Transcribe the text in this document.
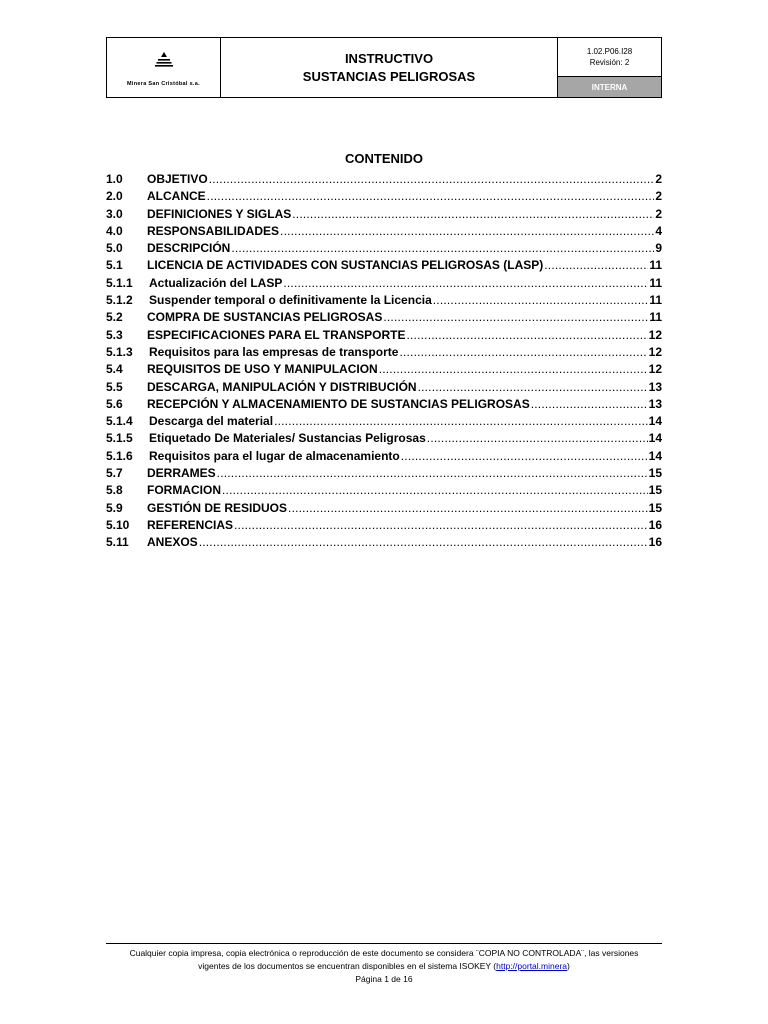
Minera San Cristóbal s.a.
INSTRUCTIVO
SUSTANCIAS PELIGROSAS
1.02.P06.I28
Revisión: 2
INTERNA
CONTENIDO
1.0	OBJETIVO .....	2
2.0	ALCANCE .....	2
3.0	DEFINICIONES Y SIGLAS .....	2
4.0	RESPONSABILIDADES .....	4
5.0	DESCRIPCIÓN .....	9
5.1	LICENCIA DE ACTIVIDADES CON SUSTANCIAS PELIGROSAS (LASP) .....	11
5.1.1	Actualización del LASP .....	11
5.1.2	Suspender temporal o definitivamente la Licencia .....	11
5.2	COMPRA DE SUSTANCIAS PELIGROSAS .....	11
5.3	ESPECIFICACIONES PARA EL TRANSPORTE .....	12
5.1.3	Requisitos para las empresas de transporte .....	12
5.4	REQUISITOS DE USO Y MANIPULACION .....	12
5.5	DESCARGA, MANIPULACIÓN Y DISTRIBUCIÓN .....	13
5.6	RECEPCIÓN Y ALMACENAMIENTO DE SUSTANCIAS PELIGROSAS .....	13
5.1.4	Descarga del material .....	14
5.1.5	Etiquetado De Materiales/ Sustancias Peligrosas .....	14
5.1.6	Requisitos para el lugar de almacenamiento .....	14
5.7	DERRAMES .....	15
5.8	FORMACION .....	15
5.9	GESTIÓN DE RESIDUOS .....	15
5.10	REFERENCIAS .....	16
5.11	ANEXOS .....	16
Cualquier copia impresa, copia electrónica o reproducción de este documento se considera ¨COPIA NO CONTROLADA¨, las versiones
vigentes de los documentos se encuentran disponibles en el sistema ISOKEY (http://portal.minera)
Página 1 de 16
